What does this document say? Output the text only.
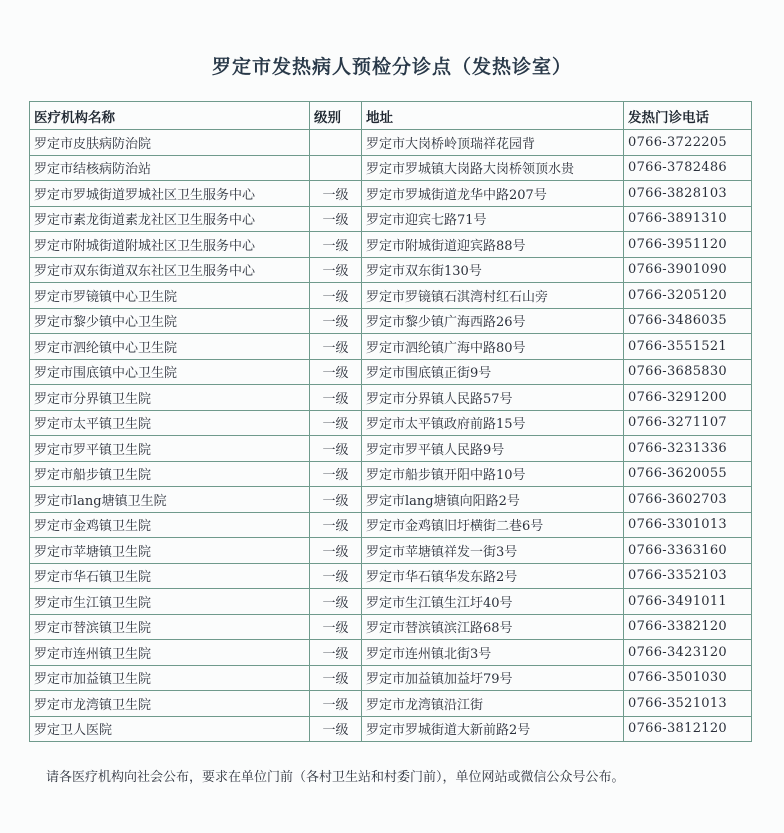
罗定市发热病人预检分诊点（发热诊室）
医疗机构名称	级别	地址	发热门诊电话
罗定市皮肤病防治院		罗定市大岗桥岭顶瑞祥花园背	0766-3722205
罗定市结核病防治站		罗定市罗城镇大岗路大岗桥领顶水贵	0766-3782486
罗定市罗城街道罗城社区卫生服务中心	一级	罗定市罗城街道龙华中路207号	0766-3828103
罗定市素龙街道素龙社区卫生服务中心	一级	罗定市迎宾七路71号	0766-3891310
罗定市附城街道附城社区卫生服务中心	一级	罗定市附城街道迎宾路88号	0766-3951120
罗定市双东街道双东社区卫生服务中心	一级	罗定市双东街130号	0766-3901090
罗定市罗镜镇中心卫生院	一级	罗定市罗镜镇石淇湾村红石山旁	0766-3205120
罗定市黎少镇中心卫生院	一级	罗定市黎少镇广海西路26号	0766-3486035
罗定市泗纶镇中心卫生院	一级	罗定市泗纶镇广海中路80号	0766-3551521
罗定市围底镇中心卫生院	一级	罗定市围底镇正街9号	0766-3685830
罗定市分界镇卫生院	一级	罗定市分界镇人民路57号	0766-3291200
罗定市太平镇卫生院	一级	罗定市太平镇政府前路15号	0766-3271107
罗定市罗平镇卫生院	一级	罗定市罗平镇人民路9号	0766-3231336
罗定市船步镇卫生院	一级	罗定市船步镇开阳中路10号	0766-3620055
罗定市lang塘镇卫生院	一级	罗定市lang塘镇向阳路2号	0766-3602703
罗定市金鸡镇卫生院	一级	罗定市金鸡镇旧圩横街二巷6号	0766-3301013
罗定市苹塘镇卫生院	一级	罗定市苹塘镇祥发一街3号	0766-3363160
罗定市华石镇卫生院	一级	罗定市华石镇华发东路2号	0766-3352103
罗定市生江镇卫生院	一级	罗定市生江镇生江圩40号	0766-3491011
罗定市替滨镇卫生院	一级	罗定市替滨镇滨江路68号	0766-3382120
罗定市连州镇卫生院	一级	罗定市连州镇北街3号	0766-3423120
罗定市加益镇卫生院	一级	罗定市加益镇加益圩79号	0766-3501030
罗定市龙湾镇卫生院	一级	罗定市龙湾镇沿江街	0766-3521013
罗定卫人医院	一级	罗定市罗城街道大新前路2号	0766-3812120
请各医疗机构向社会公布，要求在单位门前（各村卫生站和村委门前），单位网站或微信公众号公布。
